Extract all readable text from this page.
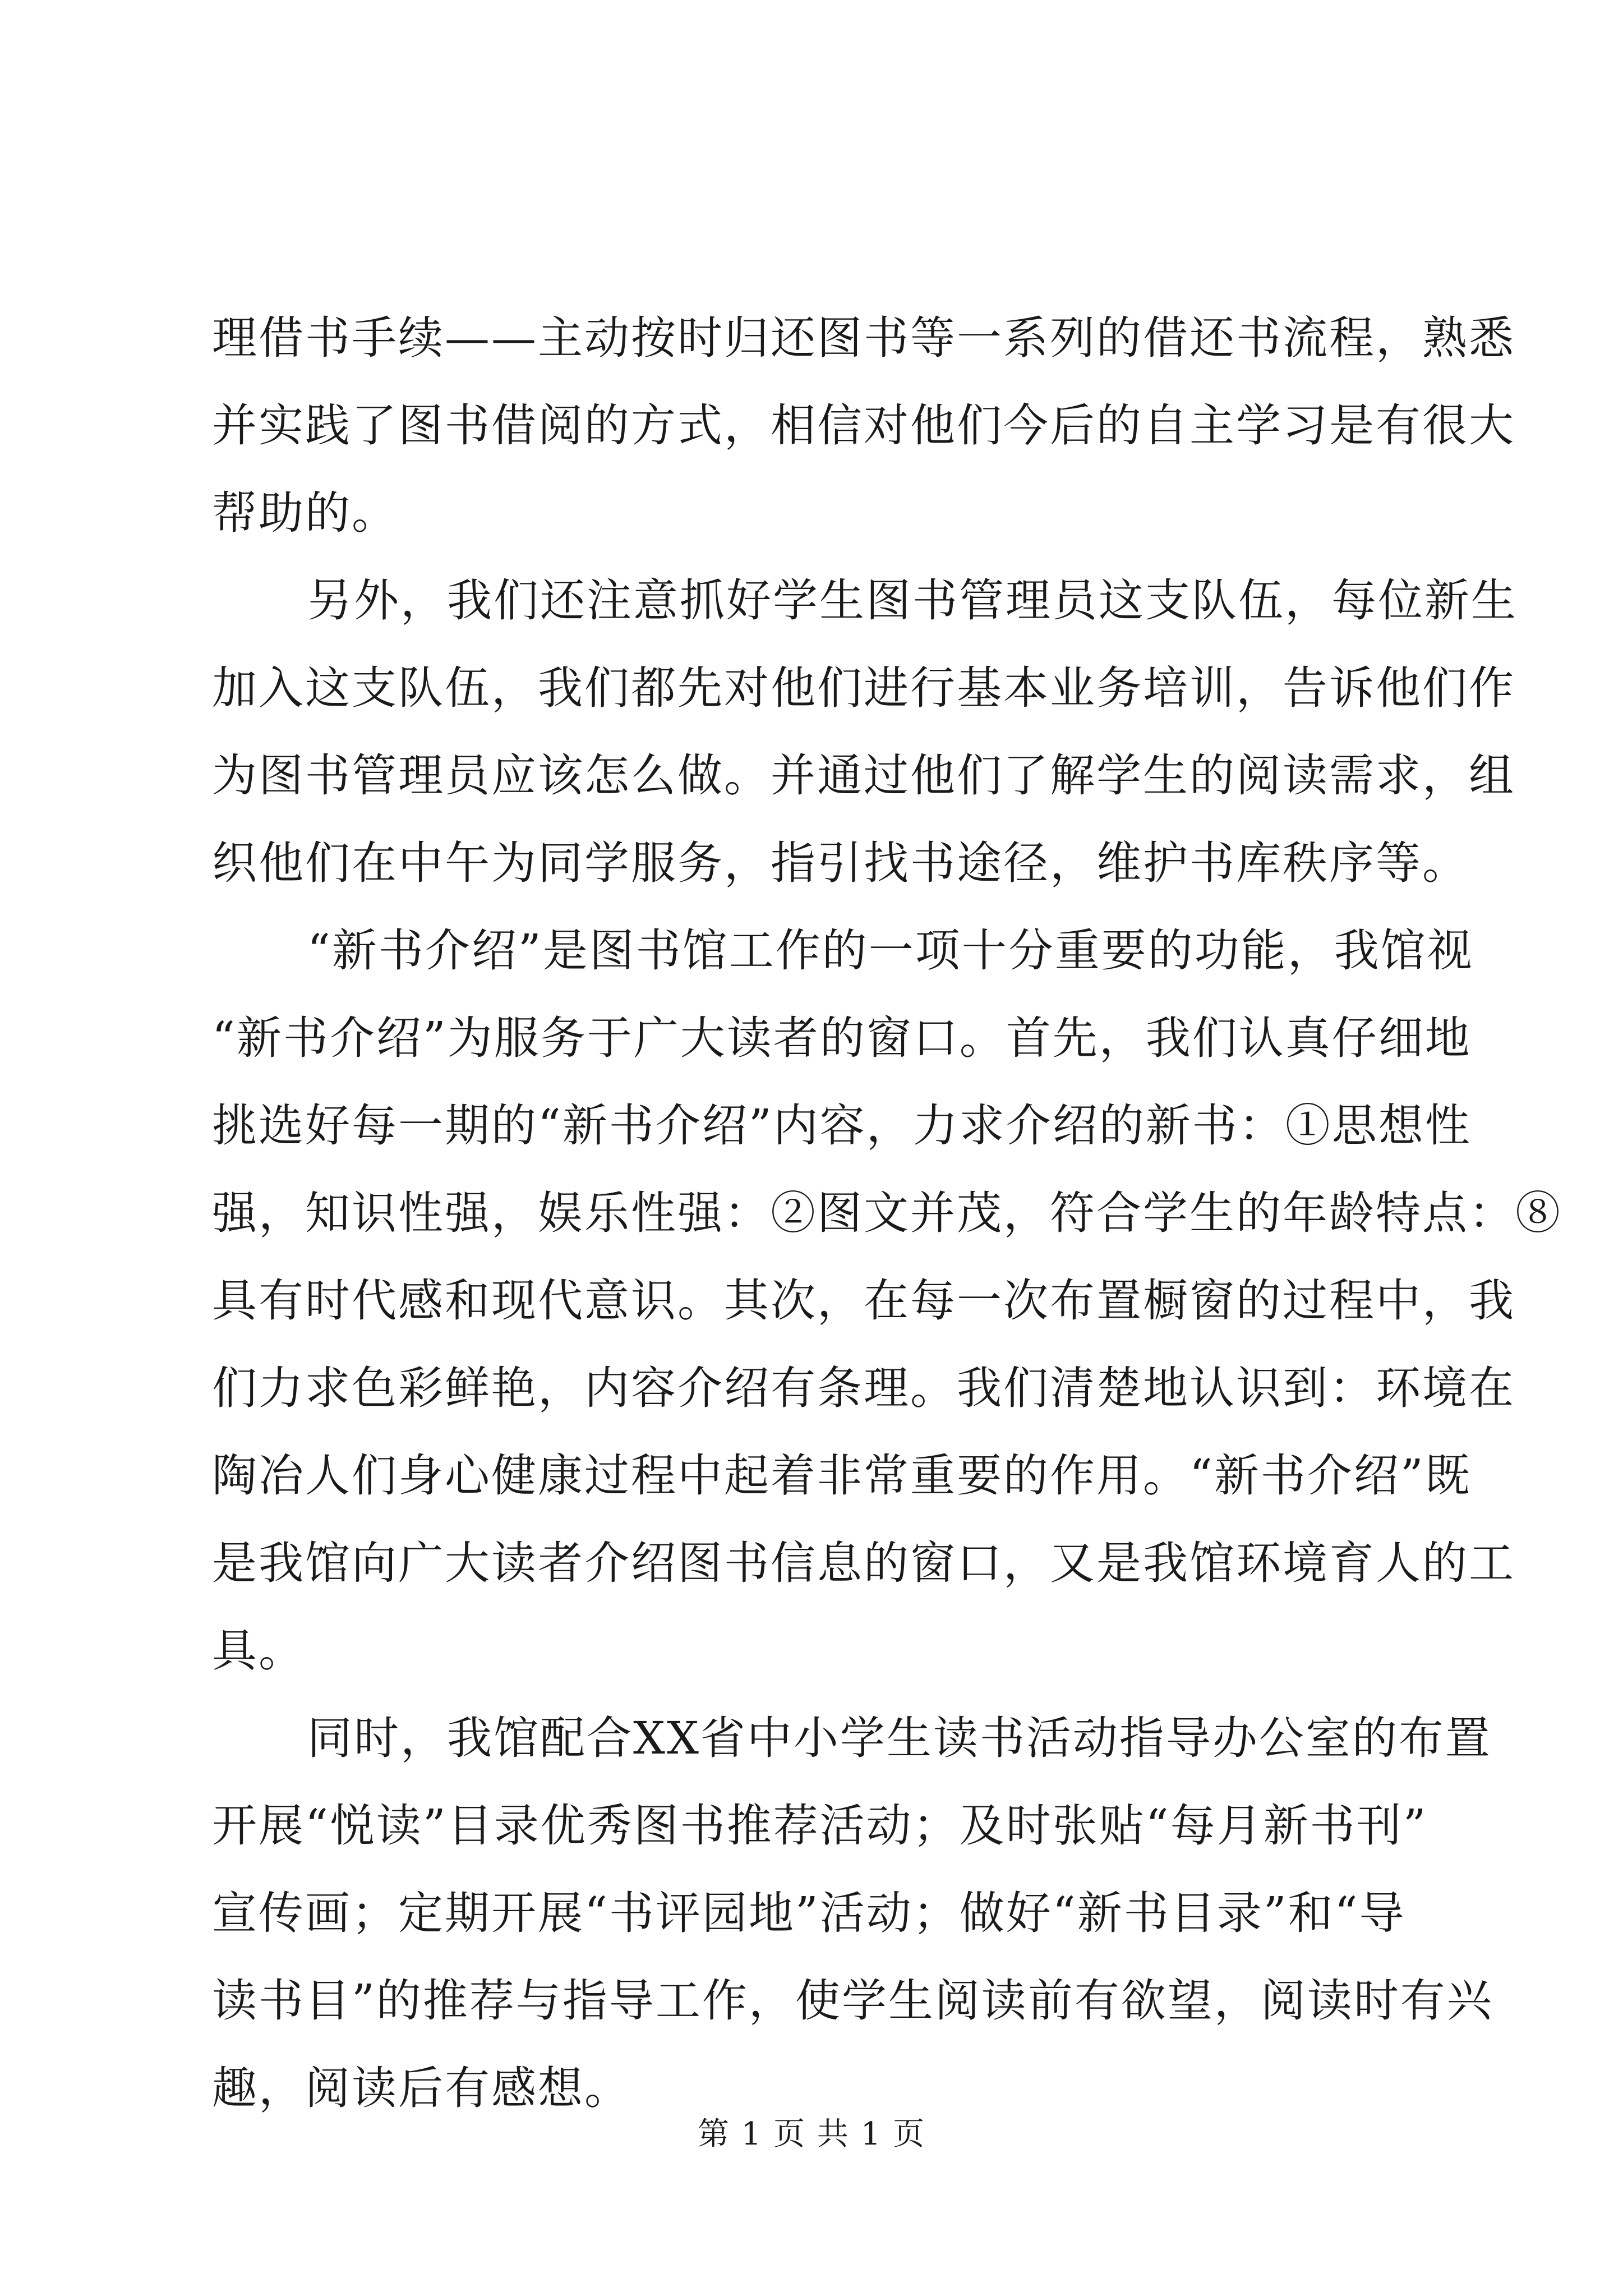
理借书手续——主动按时归还图书等一系列的借还书流程，熟悉
并实践了图书借阅的方式，相信对他们今后的自主学习是有很大
帮助的。

另外，我们还注意抓好学生图书管理员这支队伍，每位新生
加入这支队伍，我们都先对他们进行基本业务培训，告诉他们作
为图书管理员应该怎么做。并通过他们了解学生的阅读需求，组
织他们在中午为同学服务，指引找书途径，维护书库秩序等。

“新书介绍”是图书馆工作的一项十分重要的功能，我馆视
“新书介绍”为服务于广大读者的窗口。首先，我们认真仔细地
挑选好每一期的“新书介绍”内容，力求介绍的新书：①思想性
强，知识性强，娱乐性强：②图文并茂，符合学生的年龄特点：⑧
具有时代感和现代意识。其次，在每一次布置橱窗的过程中，我
们力求色彩鲜艳，内容介绍有条理。我们清楚地认识到：环境在
陶冶人们身心健康过程中起着非常重要的作用。“新书介绍”既
是我馆向广大读者介绍图书信息的窗口，又是我馆环境育人的工
具。

同时，我馆配合XX省中小学生读书活动指导办公室的布置
开展“悦读”目录优秀图书推荐活动；及时张贴“每月新书刊”
宣传画；定期开展“书评园地”活动；做好“新书目录”和“导
读书目”的推荐与指导工作，使学生阅读前有欲望，阅读时有兴
趣，阅读后有感想。

第 1 页 共 1 页
